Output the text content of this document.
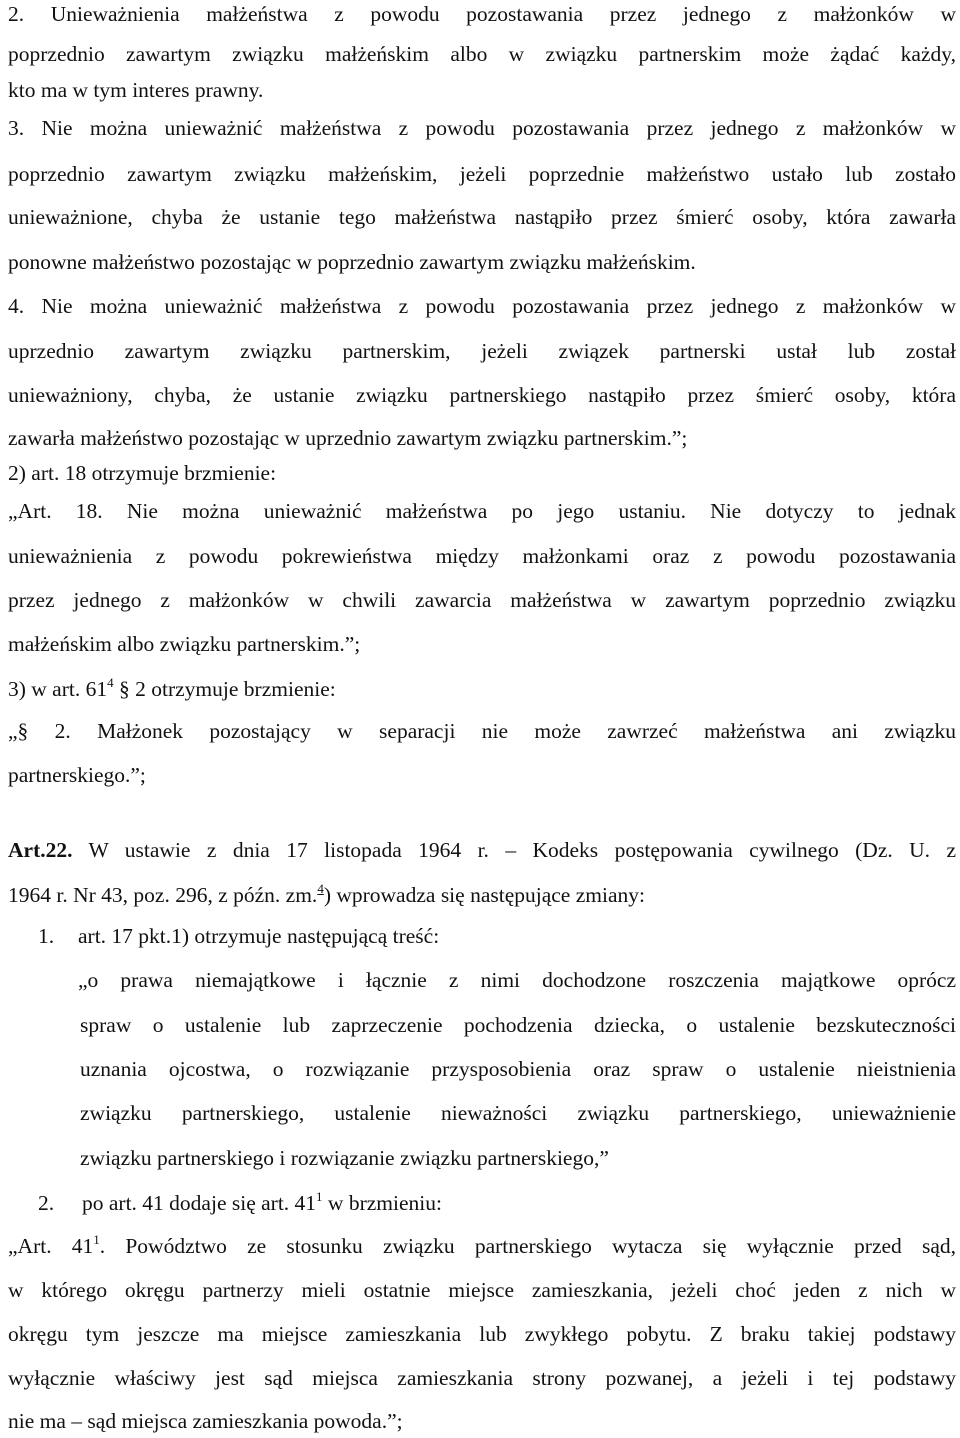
2. Unieważnienia małżeństwa z powodu pozostawania przez jednego z małżonków w
poprzednio zawartym związku małżeńskim albo w związku partnerskim może żądać każdy,
kto ma w tym interes prawny.
3. Nie można unieważnić małżeństwa z powodu pozostawania przez jednego z małżonków w
poprzednio zawartym związku małżeńskim, jeżeli poprzednie małżeństwo ustało lub zostało
unieważnione, chyba że ustanie tego małżeństwa nastąpiło przez śmierć osoby, która zawarła
ponowne małżeństwo pozostając w poprzednio zawartym związku małżeńskim.
4. Nie można unieważnić małżeństwa z powodu pozostawania przez jednego z małżonków w
uprzednio zawartym związku partnerskim, jeżeli związek partnerski ustał lub został
unieważniony, chyba, że ustanie związku partnerskiego nastąpiło przez śmierć osoby, która
zawarła małżeństwo pozostając w uprzednio zawartym związku partnerskim.”;
2) art. 18 otrzymuje brzmienie:
„Art. 18. Nie można unieważnić małżeństwa po jego ustaniu. Nie dotyczy to jednak
unieważnienia z powodu pokrewieństwa między małżonkami oraz z powodu pozostawania
przez jednego z małżonków w chwili zawarcia małżeństwa w zawartym poprzednio związku
małżeńskim albo związku partnerskim.”;
3) w art. $61^4$ § 2 otrzymuje brzmienie:
„§ 2. Małżonek pozostający w separacji nie może zawrzeć małżeństwa ani związku
partnerskiego.”;
Art.22. W ustawie z dnia 17 listopada 1964 r. – Kodeks postępowania cywilnego (Dz. U. z
1964 r. Nr 43, poz. 296, z późn. zm.$^4$) wprowadza się następujące zmiany:
1. art. 17 pkt.1) otrzymuje następującą treść:
„o prawa niemajątkowe i łącznie z nimi dochodzone roszczenia majątkowe oprócz
spraw o ustalenie lub zaprzeczenie pochodzenia dziecka, o ustalenie bezskuteczności
uznania ojcostwa, o rozwiązanie przysposobienia oraz spraw o ustalenie nieistnienia
związku partnerskiego, ustalenie nieważności związku partnerskiego, unieważnienie
związku partnerskiego i rozwiązanie związku partnerskiego,”
2. po art. 41 dodaje się art. $41^1$ w brzmieniu:
„Art. $41^1$. Powództwo ze stosunku związku partnerskiego wytacza się wyłącznie przed sąd,
w którego okręgu partnerzy mieli ostatnie miejsce zamieszkania, jeżeli choć jeden z nich w
okręgu tym jeszcze ma miejsce zamieszkania lub zwykłego pobytu. Z braku takiej podstawy
wyłącznie właściwy jest sąd miejsca zamieszkania strony pozwanej, a jeżeli i tej podstawy
nie ma – sąd miejsca zamieszkania powoda.”;
